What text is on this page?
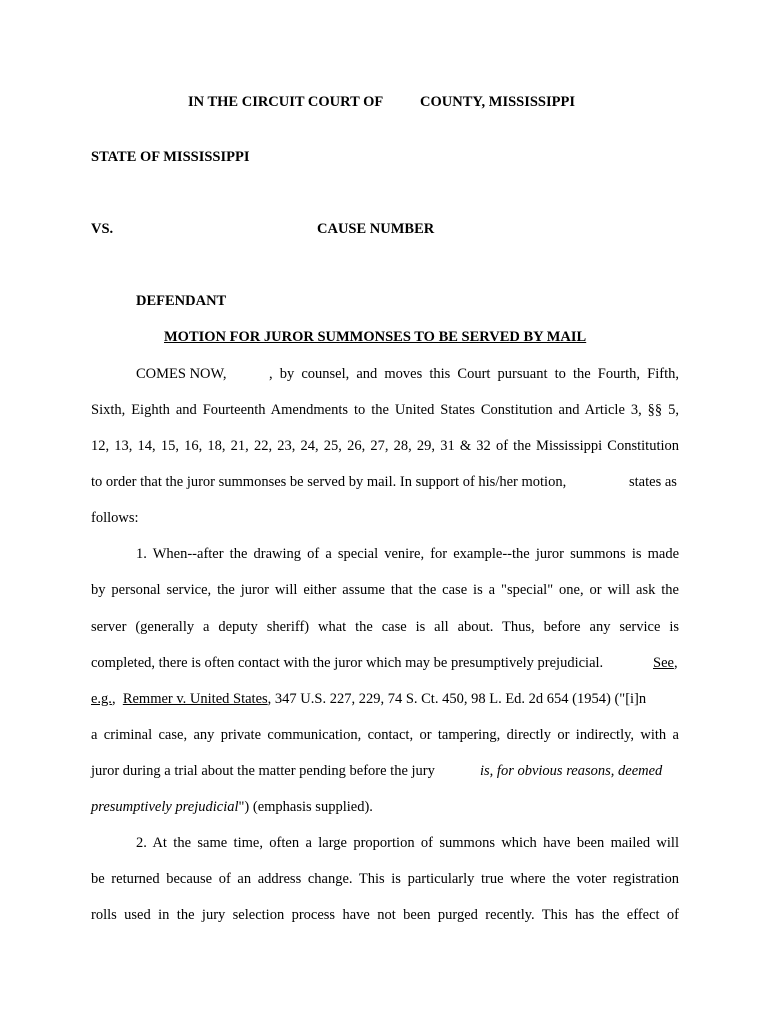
IN THE CIRCUIT COURT OF	COUNTY, MISSISSIPPI
STATE OF MISSISSIPPI
VS.	CAUSE NUMBER
DEFENDANT
MOTION FOR JUROR SUMMONSES TO BE SERVED BY MAIL
COMES NOW,	, by counsel, and moves this Court pursuant to the Fourth, Fifth,
Sixth, Eighth and Fourteenth Amendments to the United States Constitution and Article 3, §§ 5,
12, 13, 14, 15, 16, 18, 21, 22, 23, 24, 25, 26, 27, 28, 29, 31 & 32 of the Mississippi Constitution
to order that the juror summonses be served by mail. In support of his/her motion,	states as
follows:
1. When--after the drawing of a special venire, for example--the juror summons is made
by personal service, the juror will either assume that the case is a "special" one, or will ask the
server (generally a deputy sheriff) what the case is all about. Thus, before any service is
completed, there is often contact with the juror which may be presumptively prejudicial.	See,
e.g., Remmer v. United States, 347 U.S. 227, 229, 74 S. Ct. 450, 98 L. Ed. 2d 654 (1954) ("[i]n
a criminal case, any private communication, contact, or tampering, directly or indirectly, with a
juror during a trial about the matter pending before the jury	is, for obvious reasons, deemed
presumptively prejudicial") (emphasis supplied).
2. At the same time, often a large proportion of summons which have been mailed will
be returned because of an address change. This is particularly true where the voter registration
rolls used in the jury selection process have not been purged recently. This has the effect of
